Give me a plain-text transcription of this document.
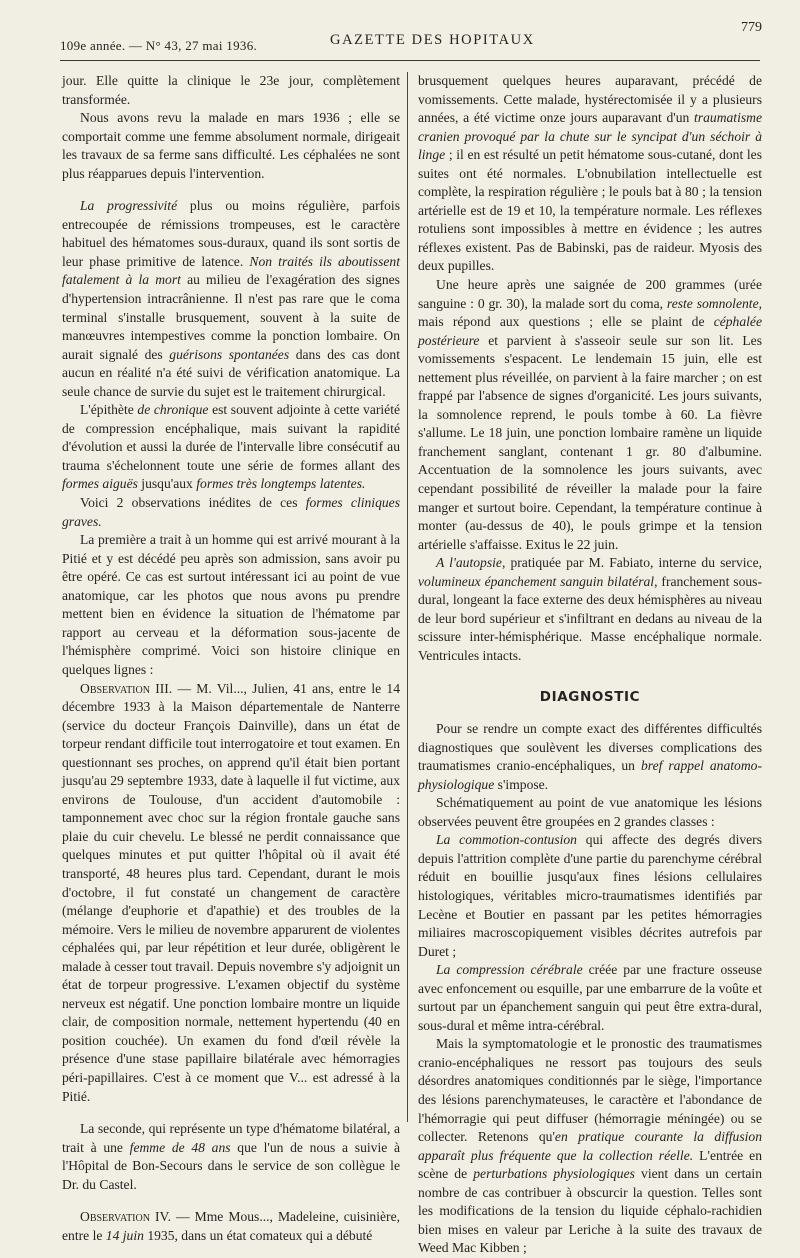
109e année. — N° 43, 27 mai 1936.	GAZETTE DES HOPITAUX
779

jour. Elle quitte la clinique le 23e jour, complètement transformée.

Nous avons revu la malade en mars 1936 ; elle se comportait comme une femme absolument normale, dirigeait les travaux de sa ferme sans difficulté. Les céphalées ne sont plus réapparues depuis l'intervention.

La progressivité plus ou moins régulière, parfois entrecoupée de rémissions trompeuses, est le caractère habituel des hématomes sous-duraux, quand ils sont sortis de leur phase primitive de latence. Non traités ils aboutissent fatalement à la mort au milieu de l'exagération des signes d'hypertension intracrânienne. Il n'est pas rare que le coma terminal s'installe brusquement, souvent à la suite de manœuvres intempestives comme la ponction lombaire. On aurait signalé des guérisons spontanées dans des cas dont aucun en réalité n'a été suivi de vérification anatomique. La seule chance de survie du sujet est le traitement chirurgical.

L'épithète de chronique est souvent adjointe à cette variété de compression encéphalique, mais suivant la rapidité d'évolution et aussi la durée de l'intervalle libre consécutif au trauma s'échelonnent toute une série de formes allant des formes aiguës jusqu'aux formes très longtemps latentes.

Voici 2 observations inédites de ces formes cliniques graves.

La première a trait à un homme qui est arrivé mourant à la Pitié et y est décédé peu après son admission, sans avoir pu être opéré. Ce cas est surtout intéressant ici au point de vue anatomique, car les photos que nous avons pu prendre mettent bien en évidence la situation de l'hématome par rapport au cerveau et la déformation sous-jacente de l'hémisphère comprimé. Voici son histoire clinique en quelques lignes :

Observation III. — M. Vil..., Julien, 41 ans, entre le 14 décembre 1933 à la Maison départementale de Nanterre (service du docteur François Dainville), dans un état de torpeur rendant difficile tout interrogatoire et tout examen. En questionnant ses proches, on apprend qu'il était bien portant jusqu'au 29 septembre 1933, date à laquelle il fut victime, aux environs de Toulouse, d'un accident d'automobile : tamponnement avec choc sur la région frontale gauche sans plaie du cuir chevelu. Le blessé ne perdit connaissance que quelques minutes et put quitter l'hôpital où il avait été transporté, 48 heures plus tard. Cependant, durant le mois d'octobre, il fut constaté un changement de caractère (mélange d'euphorie et d'apathie) et des troubles de la mémoire. Vers le milieu de novembre apparurent de violentes céphalées qui, par leur répétition et leur durée, obligèrent le malade à cesser tout travail. Depuis novembre s'y adjoignit un état de torpeur progressive. L'examen objectif du système nerveux est négatif. Une ponction lombaire montre un liquide clair, de composition normale, nettement hypertendu (40 en position couchée). Un examen du fond d'œil révèle la présence d'une stase papillaire bilatérale avec hémorragies péri-papillaires. C'est à ce moment que V... est adressé à la Pitié.

La seconde, qui représente un type d'hématome bilatéral, a trait à une femme de 48 ans que l'un de nous a suivie à l'Hôpital de Bon-Secours dans le service de son collègue le Dr. du Castel.

Observation IV. — Mme Mous..., Madeleine, cuisinière, entre le 14 juin 1935, dans un état comateux qui a débuté

brusquement quelques heures auparavant, précédé de vomissements. Cette malade, hystérectomisée il y a plusieurs années, a été victime onze jours auparavant d'un traumatisme cranien provoqué par la chute sur le syncipat d'un séchoir à linge ; il en est résulté un petit hématome sous-cutané, dont les suites ont été normales. L'obnubilation intellectuelle est complète, la respiration régulière ; le pouls bat à 80 ; la tension artérielle est de 19 et 10, la température normale. Les réflexes rotuliens sont impossibles à mettre en évidence ; les autres réflexes existent. Pas de Babinski, pas de raideur. Myosis des deux pupilles.

Une heure après une saignée de 200 grammes (urée sanguine : 0 gr. 30), la malade sort du coma, reste somnolente, mais répond aux questions ; elle se plaint de céphalée postérieure et parvient à s'asseoir seule sur son lit. Les vomissements s'espacent. Le lendemain 15 juin, elle est nettement plus réveillée, on parvient à la faire marcher ; on est frappé par l'absence de signes d'organicité. Les jours suivants, la somnolence reprend, le pouls tombe à 60. La fièvre s'allume. Le 18 juin, une ponction lombaire ramène un liquide franchement sanglant, contenant 1 gr. 80 d'albumine. Accentuation de la somnolence les jours suivants, avec cependant possibilité de réveiller la malade pour la faire manger et surtout boire. Cependant, la température continue à monter (au-dessus de 40), le pouls grimpe et la tension artérielle s'affaisse. Exitus le 22 juin.

A l'autopsie, pratiquée par M. Fabiato, interne du service, volumineux épanchement sanguin bilatéral, franchement sous-dural, longeant la face externe des deux hémisphères au niveau de leur bord supérieur et s'infiltrant en dedans au niveau de la scissure inter-hémisphérique. Masse encéphalique normale. Ventricules intacts.

DIAGNOSTIC

Pour se rendre un compte exact des différentes difficultés diagnostiques que soulèvent les diverses complications des traumatismes cranio-encéphaliques, un bref rappel anatomo-physiologique s'impose.

Schématiquement au point de vue anatomique les lésions observées peuvent être groupées en 2 grandes classes :

La commotion-contusion qui affecte des degrés divers depuis l'attrition complète d'une partie du parenchyme cérébral réduit en bouillie jusqu'aux fines lésions cellulaires histologiques, véritables micro-traumatismes identifiés par Lecène et Boutier en passant par les petites hémorragies miliaires macroscopiquement visibles décrites autrefois par Duret ;

La compression cérébrale créée par une fracture osseuse avec enfoncement ou esquille, par une embarrure de la voûte et surtout par un épanchement sanguin qui peut être extra-dural, sous-dural et même intra-cérébral.

Mais la symptomatologie et le pronostic des traumatismes cranio-encéphaliques ne ressort pas toujours des seuls désordres anatomiques conditionnés par le siège, l'importance des lésions parenchymateuses, le caractère et l'abondance de l'hémorragie qui peut diffuser (hémorragie méningée) ou se collecter. Retenons qu'en pratique courante la diffusion apparaît plus fréquente que la collection réelle. L'entrée en scène de perturbations physiologiques vient dans un certain nombre de cas contribuer à obscurcir la question. Telles sont les modifications de la tension du liquide céphalo-rachidien bien mises en valeur par Leriche à la suite des travaux de Weed Mac Kibben ;
